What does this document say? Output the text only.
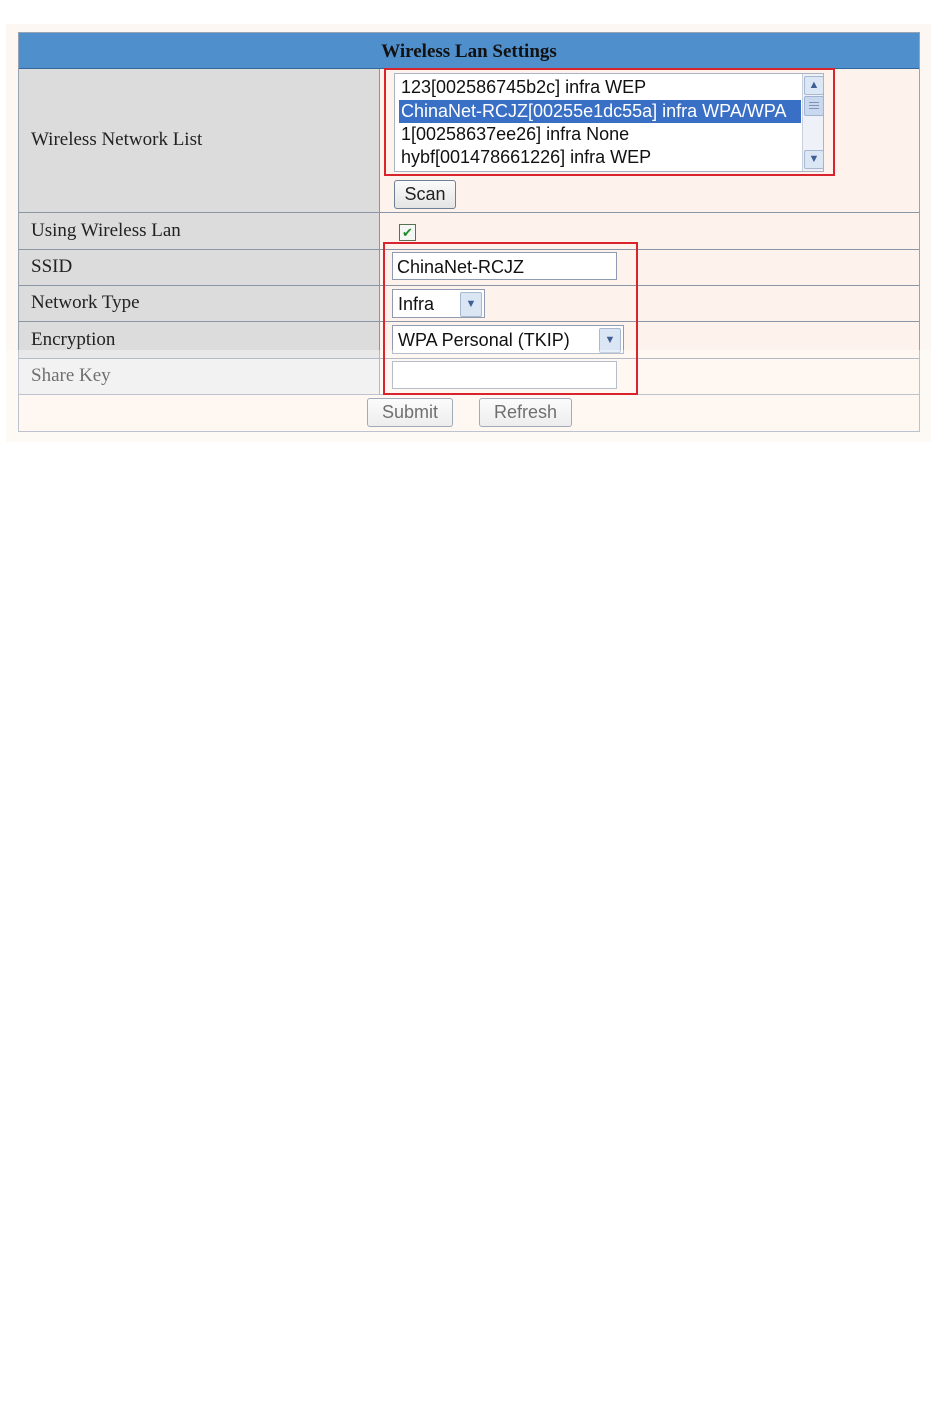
Wireless Lan Settings
Wireless Network List
123[002586745b2c] infra WEP
ChinaNet-RCJZ[00255e1dc55a] infra WPA/WPA
1[00258637ee26] infra None
hybf[001478661226] infra WEP
▲
▼
Scan
Using Wireless Lan	✔
SSID	ChinaNet-RCJZ
Network Type	Infra	▼
Encryption	WPA Personal (TKIP)	▼
Share Key
Submit	Refresh
